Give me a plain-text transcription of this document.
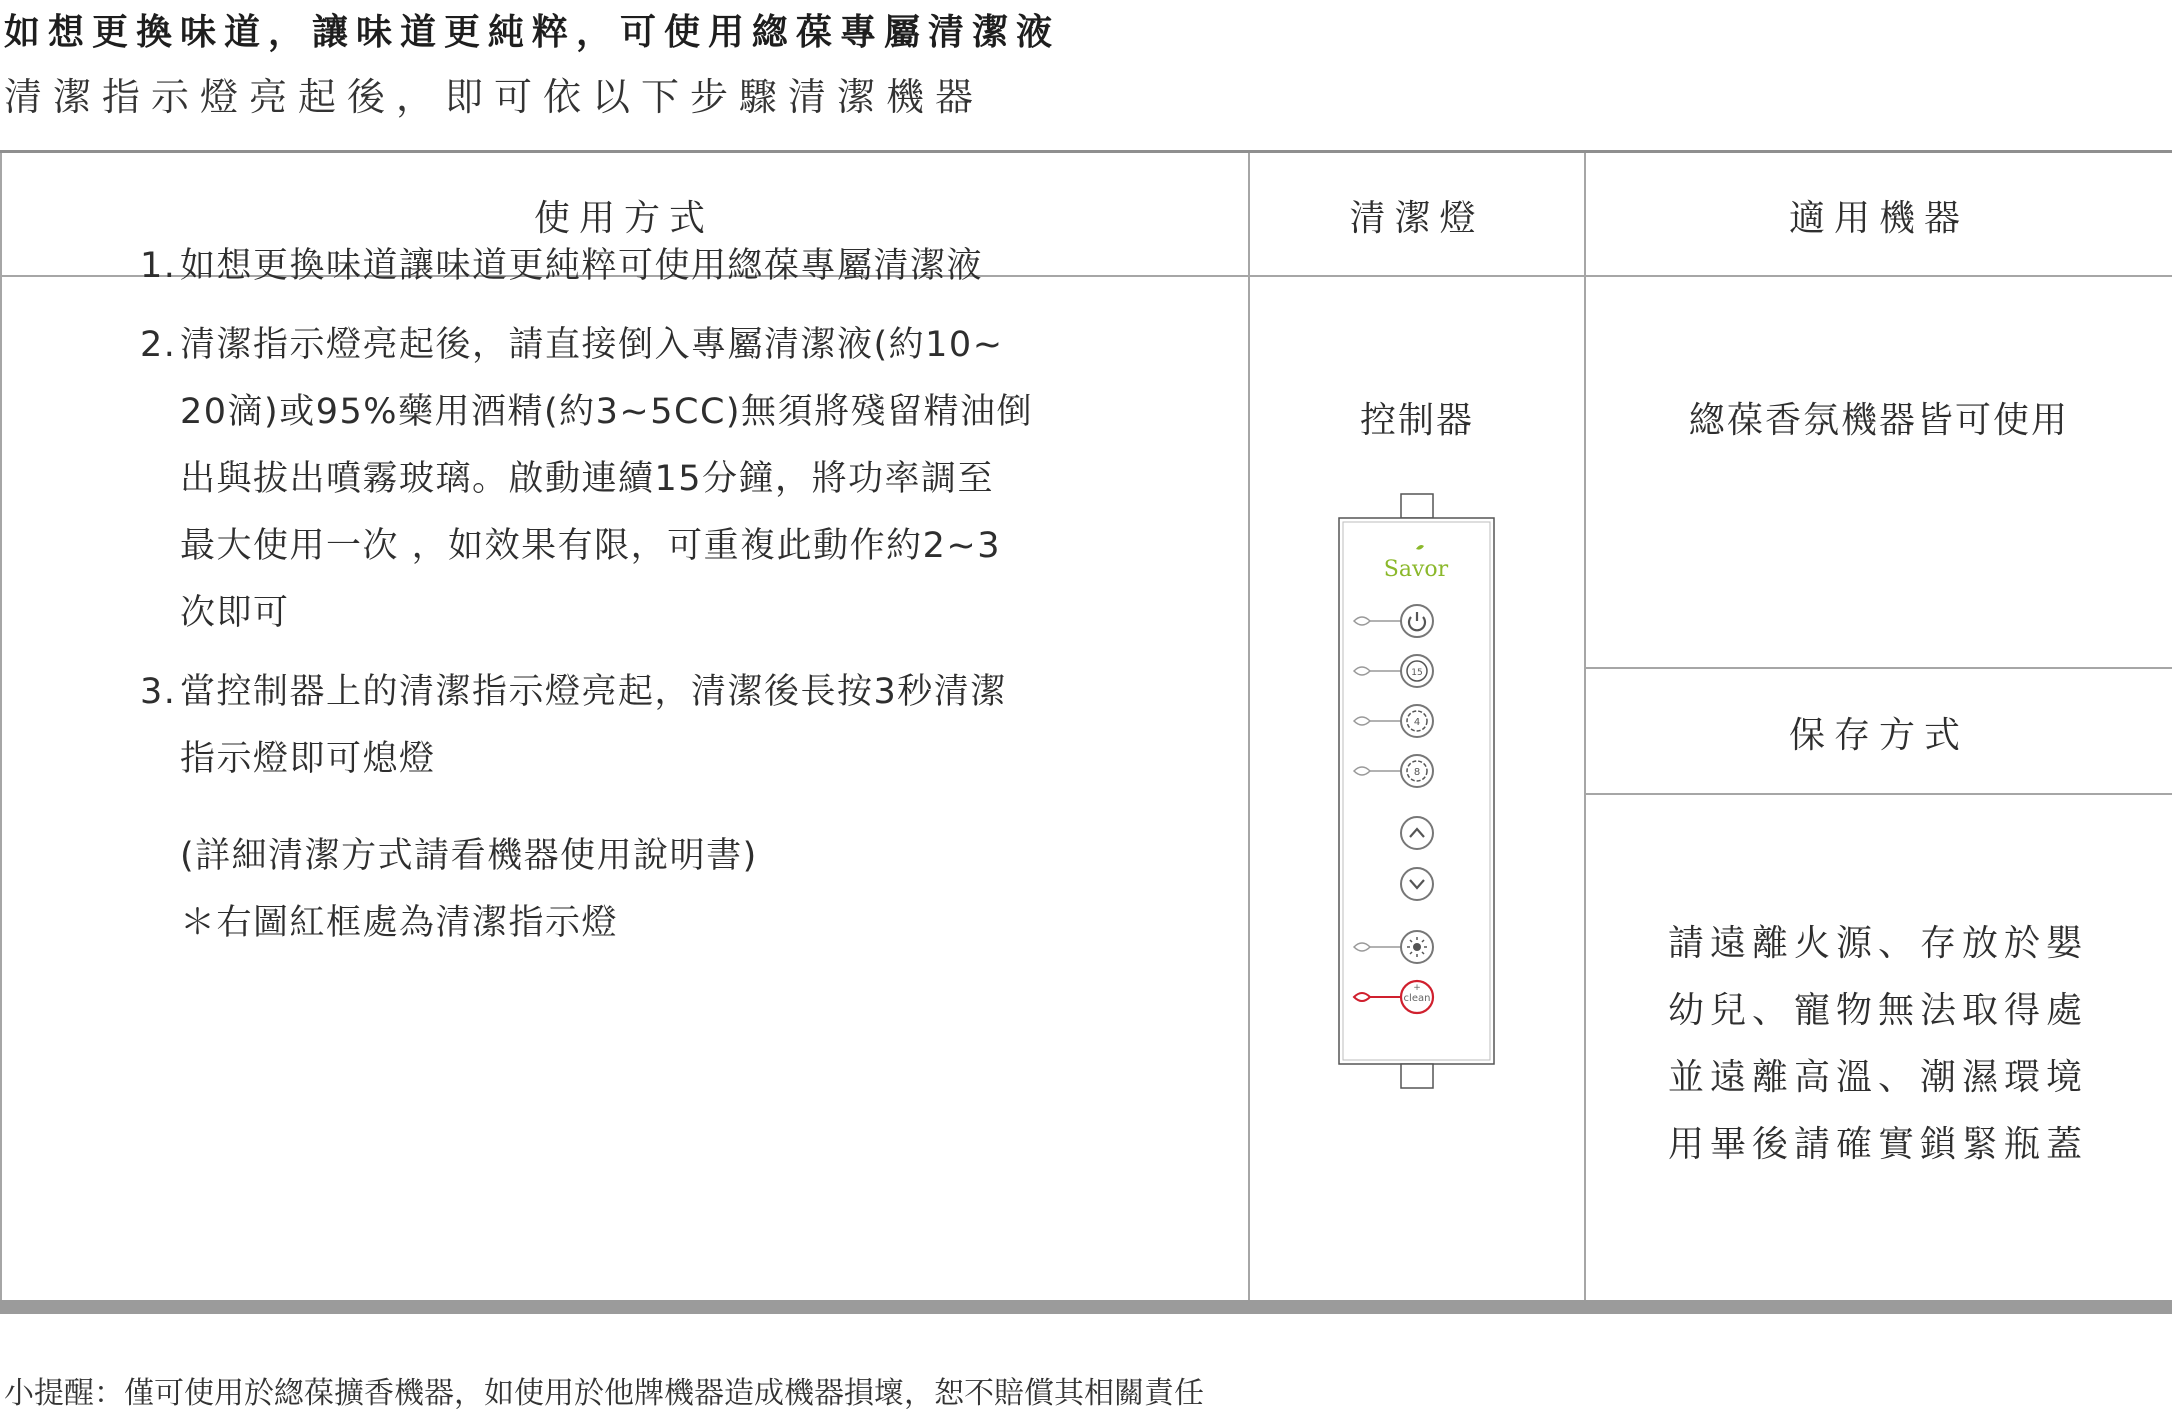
如想更換味道，讓味道更純粹，可使用緫葆專屬清潔液
清潔指示燈亮起後，即可依以下步驟清潔機器
使用方式	清潔燈	適用機器
1. 如想更換味道讓味道更純粹可使用緫葆專屬清潔液
2. 清潔指示燈亮起後，請直接倒入專屬清潔液(約10~
20滴)或95%藥用酒精(約3~5CC)無須將殘留精油倒
出與拔出噴霧玻璃。啟動連續15分鐘，將功率調至
最大使用一次 ，如效果有限，可重複此動作約2~3
次即可
3. 當控制器上的清潔指示燈亮起，清潔後長按3秒清潔
指示燈即可熄燈
(詳細清潔方式請看機器使用說明書)
＊右圖紅框處為清潔指示燈
控制器
Savor
15
4
8
clean
+
緫葆香氛機器皆可使用
保存方式
請遠離火源、存放於嬰
幼兒、寵物無法取得處
並遠離高溫、潮濕環境
用畢後請確實鎖緊瓶蓋
小提醒：僅可使用於緫葆擴香機器，如使用於他牌機器造成機器損壞，恕不賠償其相關責任
